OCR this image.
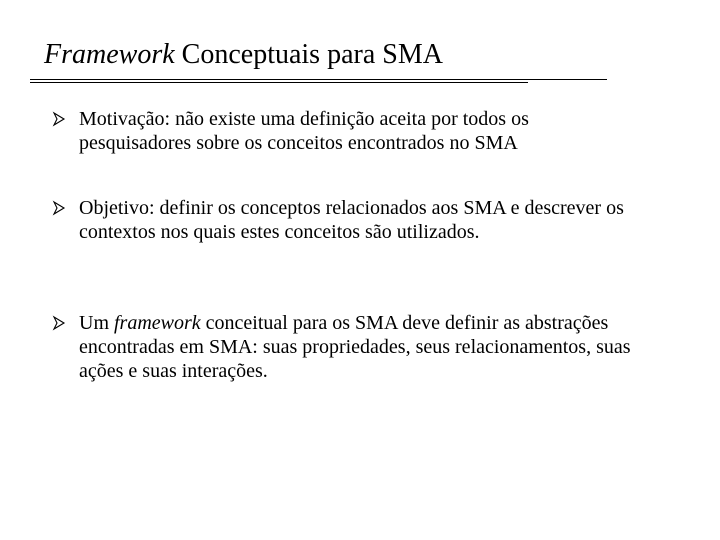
Framework Conceptuais para SMA

Motivação: não existe uma definição aceita por todos os pesquisadores sobre os conceitos encontrados no SMA

Objetivo: definir os conceptos relacionados aos SMA e descrever os contextos nos quais estes conceitos são utilizados.

Um framework conceitual para os SMA deve definir as abstrações encontradas em SMA: suas propriedades, seus relacionamentos, suas ações e suas interações.
